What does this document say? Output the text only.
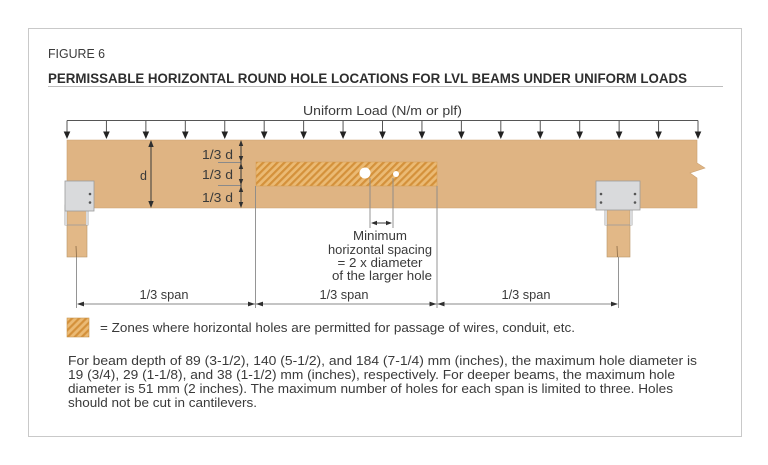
FIGURE 6
PERMISSABLE HORIZONTAL ROUND HOLE LOCATIONS FOR LVL BEAMS UNDER UNIFORM LOADS
Uniform Load (N/m or plf)
d
1/3 d
1/3 d
1/3 d
Minimum
horizontal spacing
= 2 x diameter
of the larger hole
1/3 span	1/3 span	1/3 span
= Zones where horizontal holes are permitted for passage of wires, conduit, etc.
For beam depth of 89 (3-1/2), 140 (5-1/2), and 184 (7-1/4) mm (inches), the maximum hole diameter is
19 (3/4), 29 (1-1/8), and 38 (1-1/2) mm (inches), respectively. For deeper beams, the maximum hole
diameter is 51 mm (2 inches). The maximum number of holes for each span is limited to three. Holes
should not be cut in cantilevers.
